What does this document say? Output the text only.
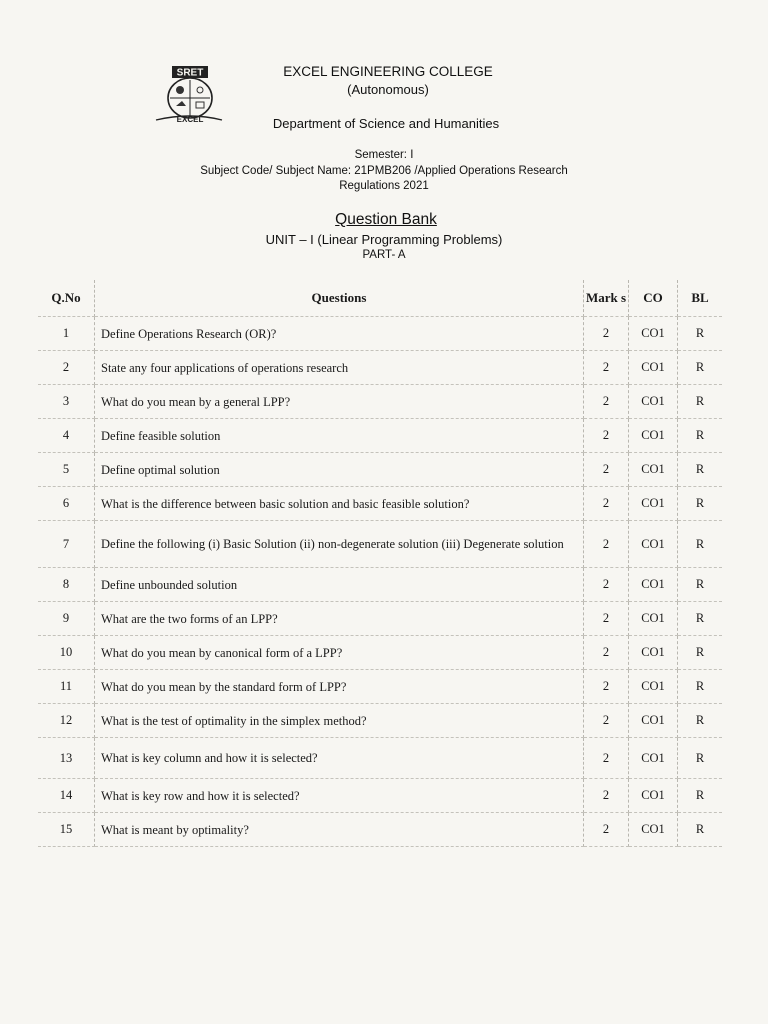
SRET
EXCEL
EXCEL ENGINEERING COLLEGE
(Autonomous)
Department of Science and Humanities
Semester: I
Subject Code/ Subject Name: 21PMB206 /Applied Operations Research
Regulations 2021
Question Bank
UNIT – I (Linear Programming Problems)
PART- A
Q.No	Questions	Mark s	CO	BL
1	Define Operations Research (OR)?	2	CO1	R
2	State any four applications of operations research	2	CO1	R
3	What do you mean by a general LPP?	2	CO1	R
4	Define feasible solution	2	CO1	R
5	Define optimal solution	2	CO1	R
6	What is the difference between basic solution and basic feasible solution?	2	CO1	R
7	Define the following (i) Basic Solution (ii) non-degenerate solution (iii) Degenerate solution	2	CO1	R
8	Define unbounded solution	2	CO1	R
9	What are the two forms of an LPP?	2	CO1	R
10	What do you mean by canonical form of a LPP?	2	CO1	R
11	What do you mean by the standard form of LPP?	2	CO1	R
12	What is the test of optimality in the simplex method?	2	CO1	R
13	What is key column and how it is selected?	2	CO1	R
14	What is key row and how it is selected?	2	CO1	R
15	What is meant by optimality?	2	CO1	R
